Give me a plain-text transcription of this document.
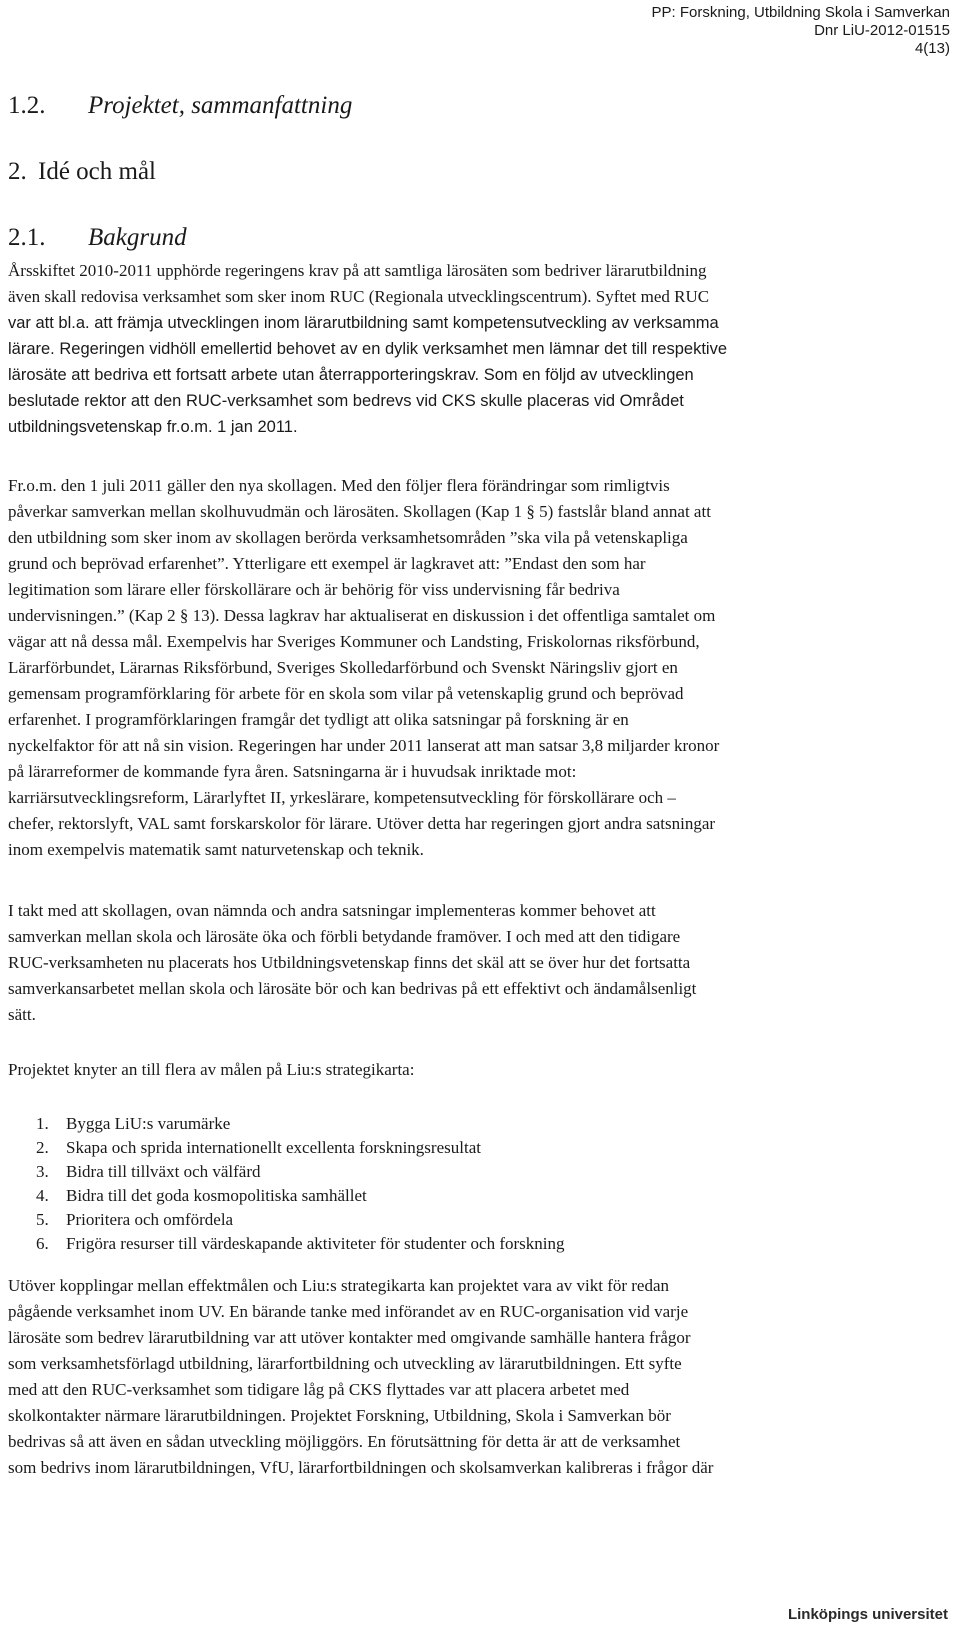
PP: Forskning, Utbildning Skola i Samverkan
Dnr LiU-2012-01515
4(13)
1.2. Projektet, sammanfattning
2. Idé och mål
2.1. Bakgrund
Årsskiftet 2010-2011 upphörde regeringens krav på att samtliga lärosäten som bedriver lärarutbildning
även skall redovisa verksamhet som sker inom RUC (Regionala utvecklingscentrum). Syftet med RUC
var att bl.a. att främja utvecklingen inom lärarutbildning samt kompetensutveckling av verksamma
lärare. Regeringen vidhöll emellertid behovet av en dylik verksamhet men lämnar det till respektive
lärosäte att bedriva ett fortsatt arbete utan återrapporteringskrav. Som en följd av utvecklingen
beslutade rektor att den RUC-verksamhet som bedrevs vid CKS skulle placeras vid Området
utbildningsvetenskap fr.o.m. 1 jan 2011.
Fr.o.m. den 1 juli 2011 gäller den nya skollagen. Med den följer flera förändringar som rimligtvis
påverkar samverkan mellan skolhuvudmän och lärosäten. Skollagen (Kap 1 § 5) fastslår bland annat att
den utbildning som sker inom av skollagen berörda verksamhetsområden ”ska vila på vetenskapliga
grund och beprövad erfarenhet”. Ytterligare ett exempel är lagkravet att: ”Endast den som har
legitimation som lärare eller förskollärare och är behörig för viss undervisning får bedriva
undervisningen.” (Kap 2 § 13). Dessa lagkrav har aktualiserat en diskussion i det offentliga samtalet om
vägar att nå dessa mål. Exempelvis har Sveriges Kommuner och Landsting, Friskolornas riksförbund,
Lärarförbundet, Lärarnas Riksförbund, Sveriges Skolledarförbund och Svenskt Näringsliv gjort en
gemensam programförklaring för arbete för en skola som vilar på vetenskaplig grund och beprövad
erfarenhet. I programförklaringen framgår det tydligt att olika satsningar på forskning är en
nyckelfaktor för att nå sin vision. Regeringen har under 2011 lanserat att man satsar 3,8 miljarder kronor
på lärarreformer de kommande fyra åren. Satsningarna är i huvudsak inriktade mot:
karriärsutvecklingsreform, Lärarlyftet II, yrkeslärare, kompetensutveckling för förskollärare och –
chefer, rektorslyft, VAL samt forskarskolor för lärare. Utöver detta har regeringen gjort andra satsningar
inom exempelvis matematik samt naturvetenskap och teknik.
I takt med att skollagen, ovan nämnda och andra satsningar implementeras kommer behovet att
samverkan mellan skola och lärosäte öka och förbli betydande framöver. I och med att den tidigare
RUC-verksamheten nu placerats hos Utbildningsvetenskap finns det skäl att se över hur det fortsatta
samverkansarbetet mellan skola och lärosäte bör och kan bedrivas på ett effektivt och ändamålsenligt
sätt.
Projektet knyter an till flera av målen på Liu:s strategikarta:
1. Bygga LiU:s varumärke
2. Skapa och sprida internationellt excellenta forskningsresultat
3. Bidra till tillväxt och välfärd
4. Bidra till det goda kosmopolitiska samhället
5. Prioritera och omfördela
6. Frigöra resurser till värdeskapande aktiviteter för studenter och forskning
Utöver kopplingar mellan effektmålen och Liu:s strategikarta kan projektet vara av vikt för redan
pågående verksamhet inom UV. En bärande tanke med införandet av en RUC-organisation vid varje
lärosäte som bedrev lärarutbildning var att utöver kontakter med omgivande samhälle hantera frågor
som verksamhetsförlagd utbildning, lärarfortbildning och utveckling av lärarutbildningen. Ett syfte
med att den RUC-verksamhet som tidigare låg på CKS flyttades var att placera arbetet med
skolkontakter närmare lärarutbildningen. Projektet Forskning, Utbildning, Skola i Samverkan bör
bedrivas så att även en sådan utveckling möjliggörs. En förutsättning för detta är att de verksamhet
som bedrivs inom lärarutbildningen, VfU, lärarfortbildningen och skolsamverkan kalibreras i frågor där
Linköpings universitet
